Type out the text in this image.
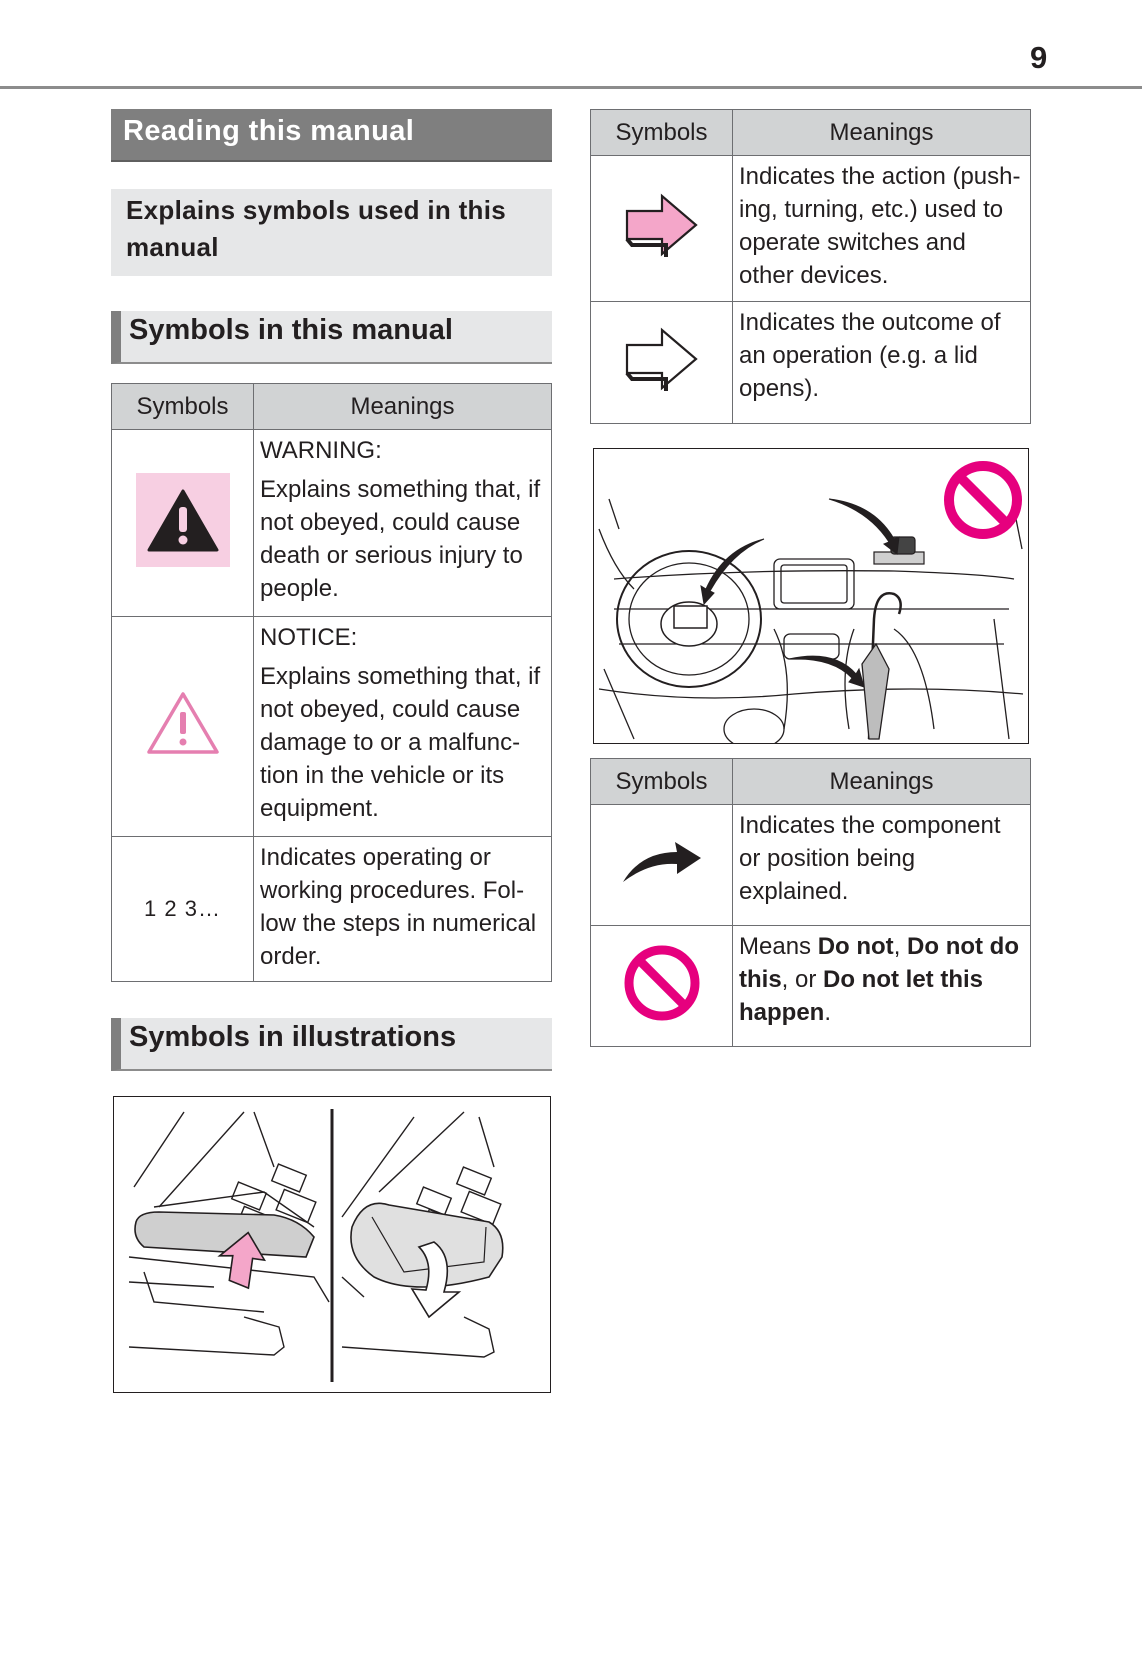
9
Reading this manual
Explains symbols used in this manual
Symbols in this manual
Symbols	Meanings

WARNING:

Explains something that, if not obeyed, could cause death or serious injury to people.

NOTICE:

Explains something that, if not obeyed, could cause damage to or a malfunc-tion in the vehicle or its equipment.

1 2 3…	Indicates operating or working procedures. Fol-low the steps in numerical order.

Symbols in illustrations
Symbols	Meanings

Indicates the action (push-ing, turning, etc.) used to operate switches and other devices.

Indicates the outcome of an operation (e.g. a lid opens).

Symbols	Meanings

Indicates the component or position being explained.

Means Do not, Do not do this, or Do not let this happen.
